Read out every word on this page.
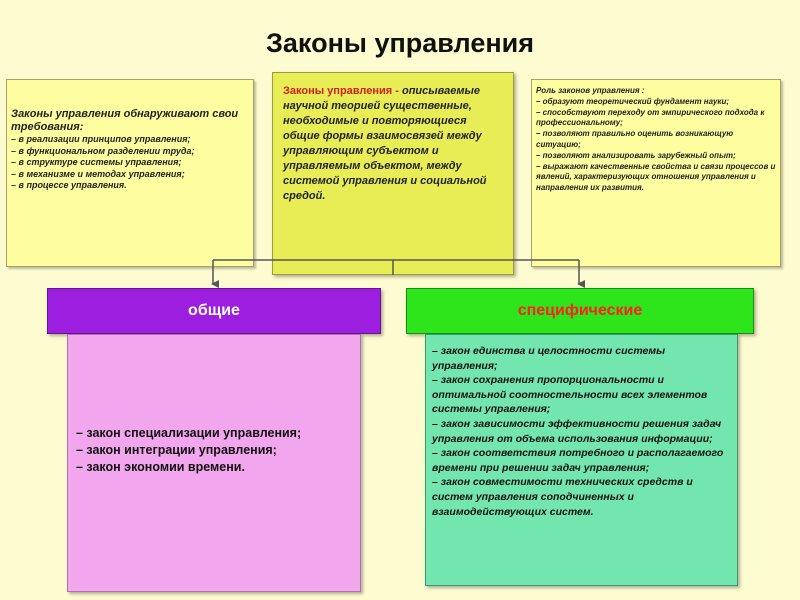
Законы управления
Законы управления обнаруживают свои требования:
– в реализации принципов управления;
– в функциональном разделении труда;
– в структуре системы управления;
– в механизме и методах управления;
– в процессе управления.
Законы управления - описываемые научной теорией существенные, необходимые и повторяющиеся общие формы взаимосвязей между управляющим субъектом и управляемым объектом, между системой управления и социальной средой.
Роль законов управления :
– образуют теоретический фундамент науки;
– способствуют переходу от эмпирического подхода к профессиональному;
– позволяют правильно оценить возникающую ситуацию;
– позволяют анализировать зарубежный опыт;
– выражают качественные свойства и связи процессов и явлений, характеризующих отношения управления и направления их развития.
общие	специфические
– закон специализации управления;
– закон интеграции управления;
– закон экономии времени.
– закон единства и целостности системы управления;
– закон сохранения пропорциональности и оптимальной соотностельности всех элементов системы управления;
– закон зависимости эффективности решения задач управления от объема использования информации;
– закон соответствия потребного и располагаемого времени при решении задач управления;
– закон совместимости технических средств и систем управления соподчиненных и взаимодействующих систем.
